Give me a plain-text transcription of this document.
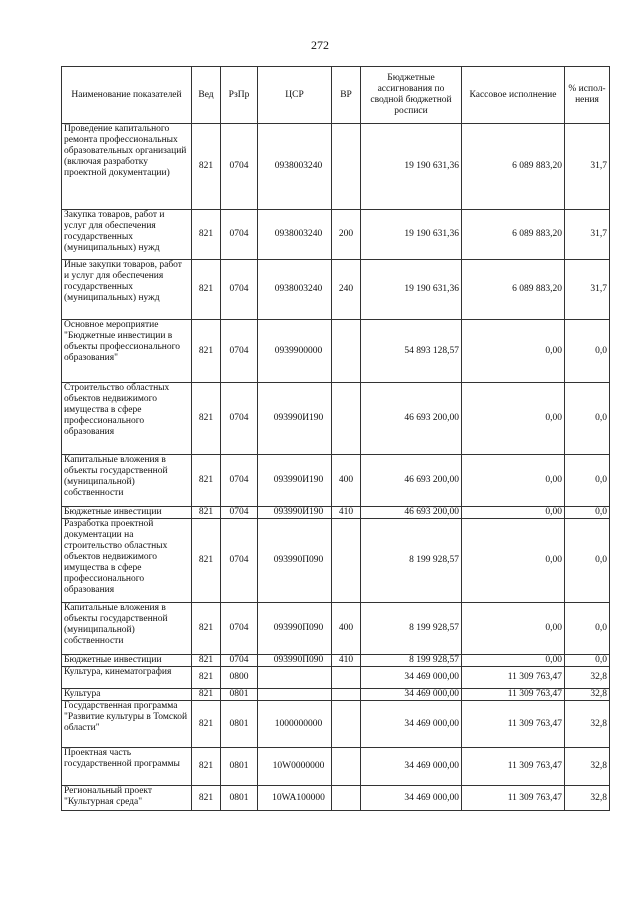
272
Наименование показателей	Вед	РзПр	ЦСР	ВР	Бюджетные ассигнования по сводной бюджетной росписи	Кассовое исполнение	% испол-нения
Проведение капитального ремонта профессиональных образовательных организаций (включая разработку проектной документации)	821	0704	0938003240		19 190 631,36	6 089 883,20	31,7
Закупка товаров, работ и услуг для обеспечения государственных (муниципальных) нужд	821	0704	0938003240	200	19 190 631,36	6 089 883,20	31,7
Иные закупки товаров, работ и услуг для обеспечения государственных (муниципальных) нужд	821	0704	0938003240	240	19 190 631,36	6 089 883,20	31,7
Основное мероприятие "Бюджетные инвестиции в объекты профессионального образования"	821	0704	0939900000		54 893 128,57	0,00	0,0
Строительство областных объектов недвижимого имущества в сфере профессионального образования	821	0704	093990И190		46 693 200,00	0,00	0,0
Капитальные вложения в объекты государственной (муниципальной) собственности	821	0704	093990И190	400	46 693 200,00	0,00	0,0
Бюджетные инвестиции	821	0704	093990И190	410	46 693 200,00	0,00	0,0
Разработка проектной документации на строительство областных объектов недвижимого имущества в сфере профессионального образования	821	0704	093990П090		8 199 928,57	0,00	0,0
Капитальные вложения в объекты государственной (муниципальной) собственности	821	0704	093990П090	400	8 199 928,57	0,00	0,0
Бюджетные инвестиции	821	0704	093990П090	410	8 199 928,57	0,00	0,0
Культура, кинематография	821	0800			34 469 000,00	11 309 763,47	32,8
Культура	821	0801			34 469 000,00	11 309 763,47	32,8
Государственная программа "Развитие культуры в Томской области"	821	0801	1000000000		34 469 000,00	11 309 763,47	32,8
Проектная часть государственной программы	821	0801	10W0000000		34 469 000,00	11 309 763,47	32,8
Региональный проект "Культурная среда"	821	0801	10WA100000		34 469 000,00	11 309 763,47	32,8
